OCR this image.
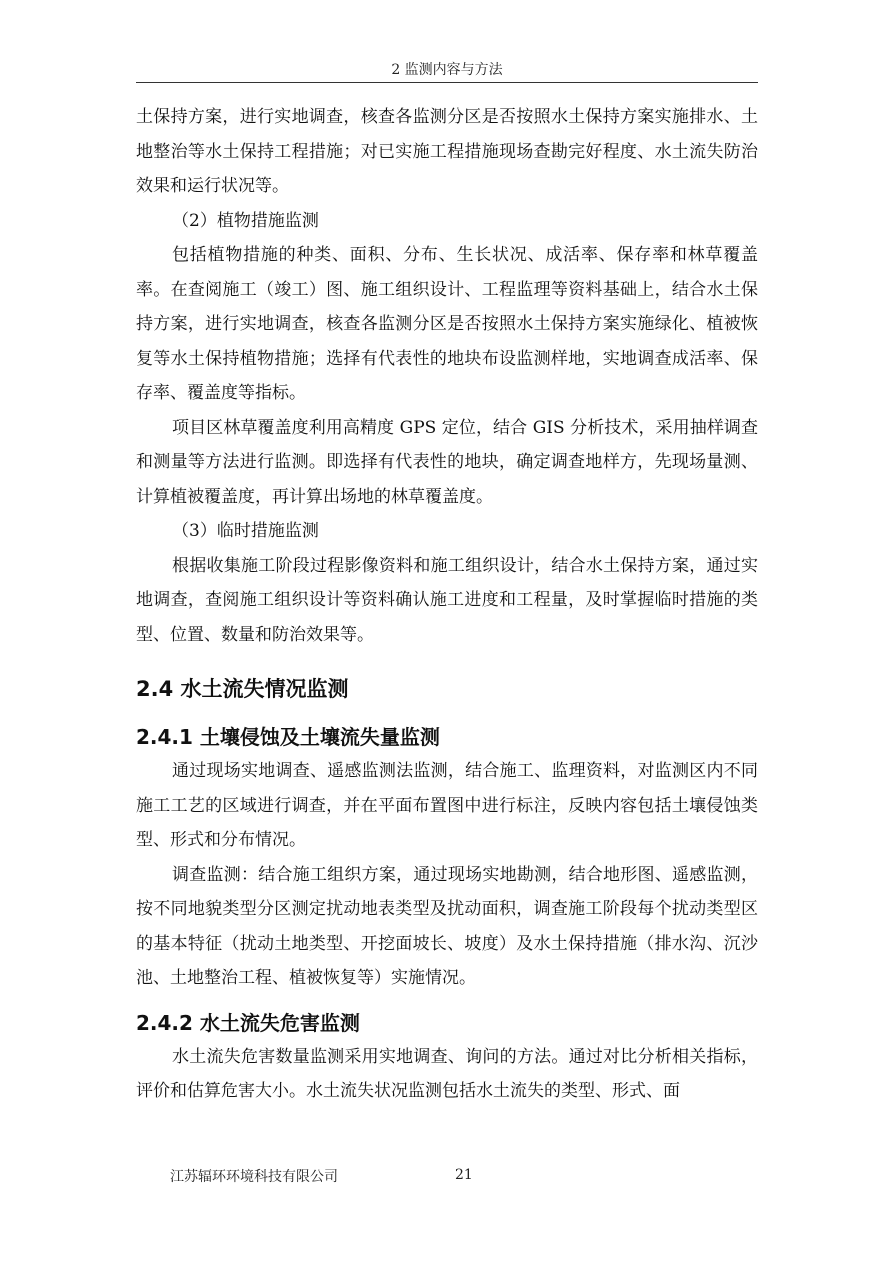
2 监测内容与方法

土保持方案，进行实地调查，核查各监测分区是否按照水土保持方案实施排水、土地整治等水土保持工程措施；对已实施工程措施现场查勘完好程度、水土流失防治效果和运行状况等。

（2）植物措施监测

包括植物措施的种类、面积、分布、生长状况、成活率、保存率和林草覆盖率。在查阅施工（竣工）图、施工组织设计、工程监理等资料基础上，结合水土保持方案，进行实地调查，核查各监测分区是否按照水土保持方案实施绿化、植被恢复等水土保持植物措施；选择有代表性的地块布设监测样地，实地调查成活率、保存率、覆盖度等指标。

项目区林草覆盖度利用高精度 GPS 定位，结合 GIS 分析技术，采用抽样调查和测量等方法进行监测。即选择有代表性的地块，确定调查地样方，先现场量测、计算植被覆盖度，再计算出场地的林草覆盖度。

（3）临时措施监测

根据收集施工阶段过程影像资料和施工组织设计，结合水土保持方案，通过实地调查，查阅施工组织设计等资料确认施工进度和工程量，及时掌握临时措施的类型、位置、数量和防治效果等。

2.4 水土流失情况监测
2.4.1 土壤侵蚀及土壤流失量监测

通过现场实地调查、遥感监测法监测，结合施工、监理资料，对监测区内不同施工工艺的区域进行调查，并在平面布置图中进行标注，反映内容包括土壤侵蚀类型、形式和分布情况。

调查监测：结合施工组织方案，通过现场实地勘测，结合地形图、遥感监测，按不同地貌类型分区测定扰动地表类型及扰动面积，调查施工阶段每个扰动类型区的基本特征（扰动土地类型、开挖面坡长、坡度）及水土保持措施（排水沟、沉沙池、土地整治工程、植被恢复等）实施情况。

2.4.2 水土流失危害监测

水土流失危害数量监测采用实地调查、询问的方法。通过对比分析相关指标，评价和估算危害大小。水土流失状况监测包括水土流失的类型、形式、面

江苏辐环环境科技有限公司	21
